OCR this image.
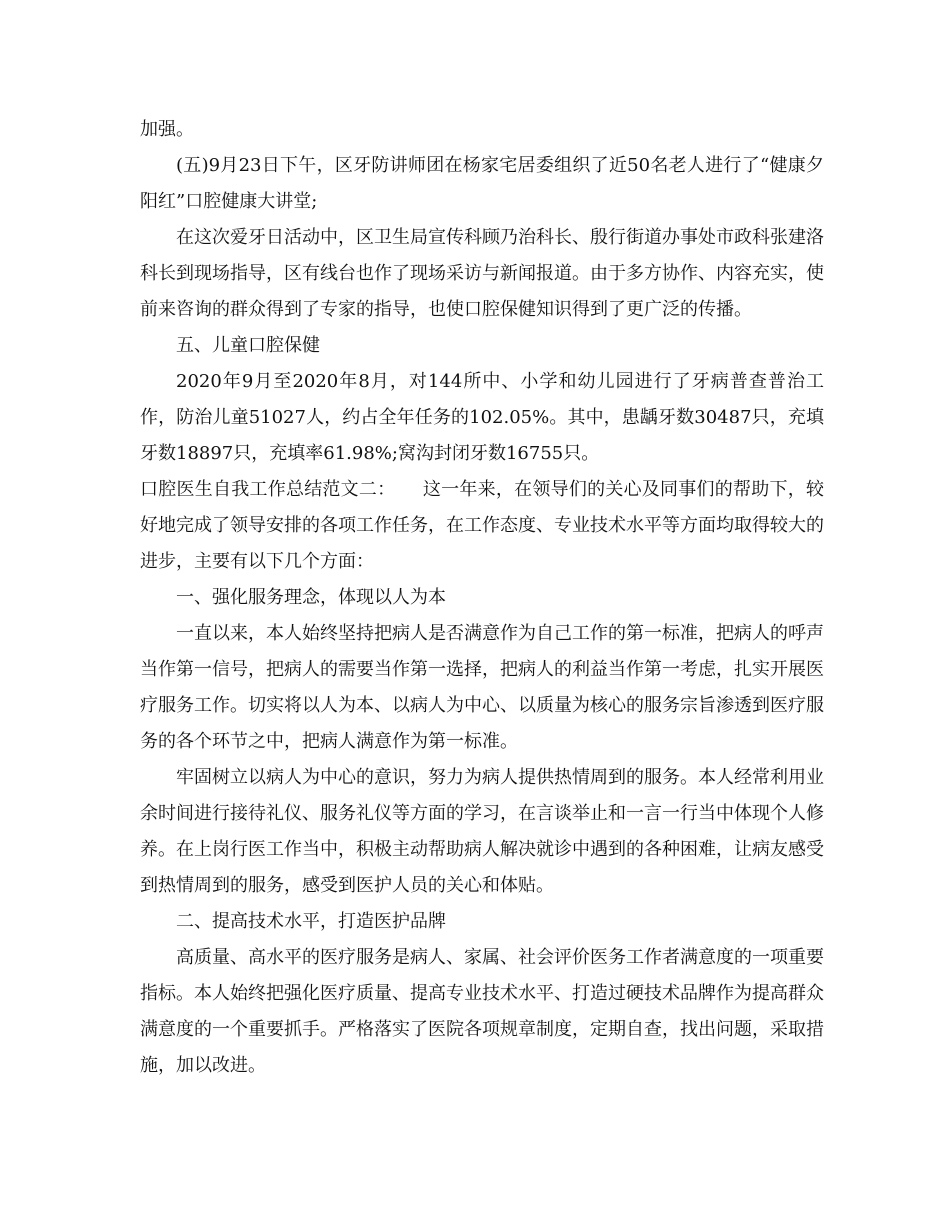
加强。

(五)9月23日下午，区牙防讲师团在杨家宅居委组织了近50名老人进行了“健康夕阳红”口腔健康大讲堂;

在这次爱牙日活动中，区卫生局宣传科顾乃治科长、殷行街道办事处市政科张建洛科长到现场指导，区有线台也作了现场采访与新闻报道。由于多方协作、内容充实，使前来咨询的群众得到了专家的指导，也使口腔保健知识得到了更广泛的传播。

五、儿童口腔保健

2020年9月至2020年8月，对144所中、小学和幼儿园进行了牙病普查普治工作，防治儿童51027人，约占全年任务的102.05%。其中，患龋牙数30487只，充填牙数18897只，充填率61.98%;窝沟封闭牙数16755只。

口腔医生自我工作总结范文二：　　这一年来，在领导们的关心及同事们的帮助下，较好地完成了领导安排的各项工作任务，在工作态度、专业技术水平等方面均取得较大的进步，主要有以下几个方面：

一、强化服务理念，体现以人为本

一直以来，本人始终坚持把病人是否满意作为自己工作的第一标准，把病人的呼声当作第一信号，把病人的需要当作第一选择，把病人的利益当作第一考虑，扎实开展医疗服务工作。切实将以人为本、以病人为中心、以质量为核心的服务宗旨渗透到医疗服务的各个环节之中，把病人满意作为第一标准。

牢固树立以病人为中心的意识，努力为病人提供热情周到的服务。本人经常利用业余时间进行接待礼仪、服务礼仪等方面的学习，在言谈举止和一言一行当中体现个人修养。在上岗行医工作当中，积极主动帮助病人解决就诊中遇到的各种困难，让病友感受到热情周到的服务，感受到医护人员的关心和体贴。

二、提高技术水平，打造医护品牌

高质量、高水平的医疗服务是病人、家属、社会评价医务工作者满意度的一项重要指标。本人始终把强化医疗质量、提高专业技术水平、打造过硬技术品牌作为提高群众满意度的一个重要抓手。严格落实了医院各项规章制度，定期自查，找出问题，采取措施，加以改进。
